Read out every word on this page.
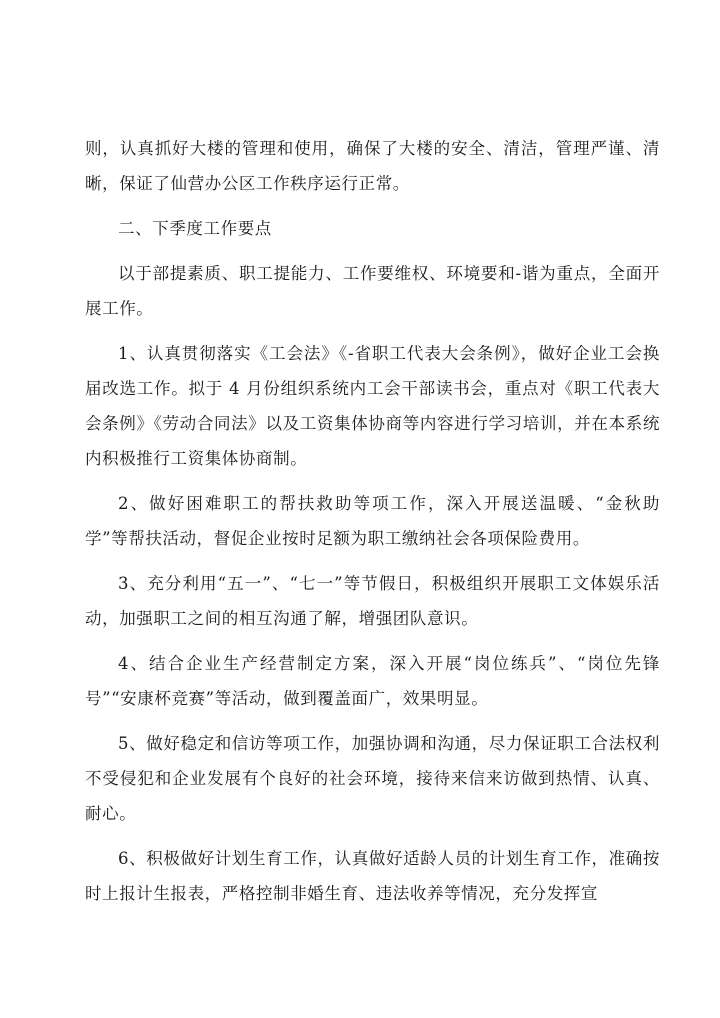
则，认真抓好大楼的管理和使用，确保了大楼的安全、清洁，管理严谨、清晰，保证了仙营办公区工作秩序运行正常。

二、下季度工作要点

以于部提素质、职工提能力、工作要维权、环境要和-谐为重点，全面开展工作。

1、认真贯彻落实《工会法》《-省职工代表大会条例》，做好企业工会换届改选工作。拟于 4 月份组织系统内工会干部读书会，重点对《职工代表大会条例》《劳动合同法》以及工资集体协商等内容进行学习培训，并在本系统内积极推行工资集体协商制。

2、做好困难职工的帮扶救助等项工作，深入开展送温暖、“金秋助学”等帮扶活动，督促企业按时足额为职工缴纳社会各项保险费用。

3、充分利用“五一”、“七一”等节假日，积极组织开展职工文体娱乐活动，加强职工之间的相互沟通了解，增强团队意识。

4、结合企业生产经营制定方案，深入开展“岗位练兵”、“岗位先锋号”“安康杯竞赛”等活动，做到覆盖面广，效果明显。

5、做好稳定和信访等项工作，加强协调和沟通，尽力保证职工合法权利不受侵犯和企业发展有个良好的社会环境，接待来信来访做到热情、认真、耐心。

6、积极做好计划生育工作，认真做好适龄人员的计划生育工作，准确按时上报计生报表，严格控制非婚生育、违法收养等情况，充分发挥宣
